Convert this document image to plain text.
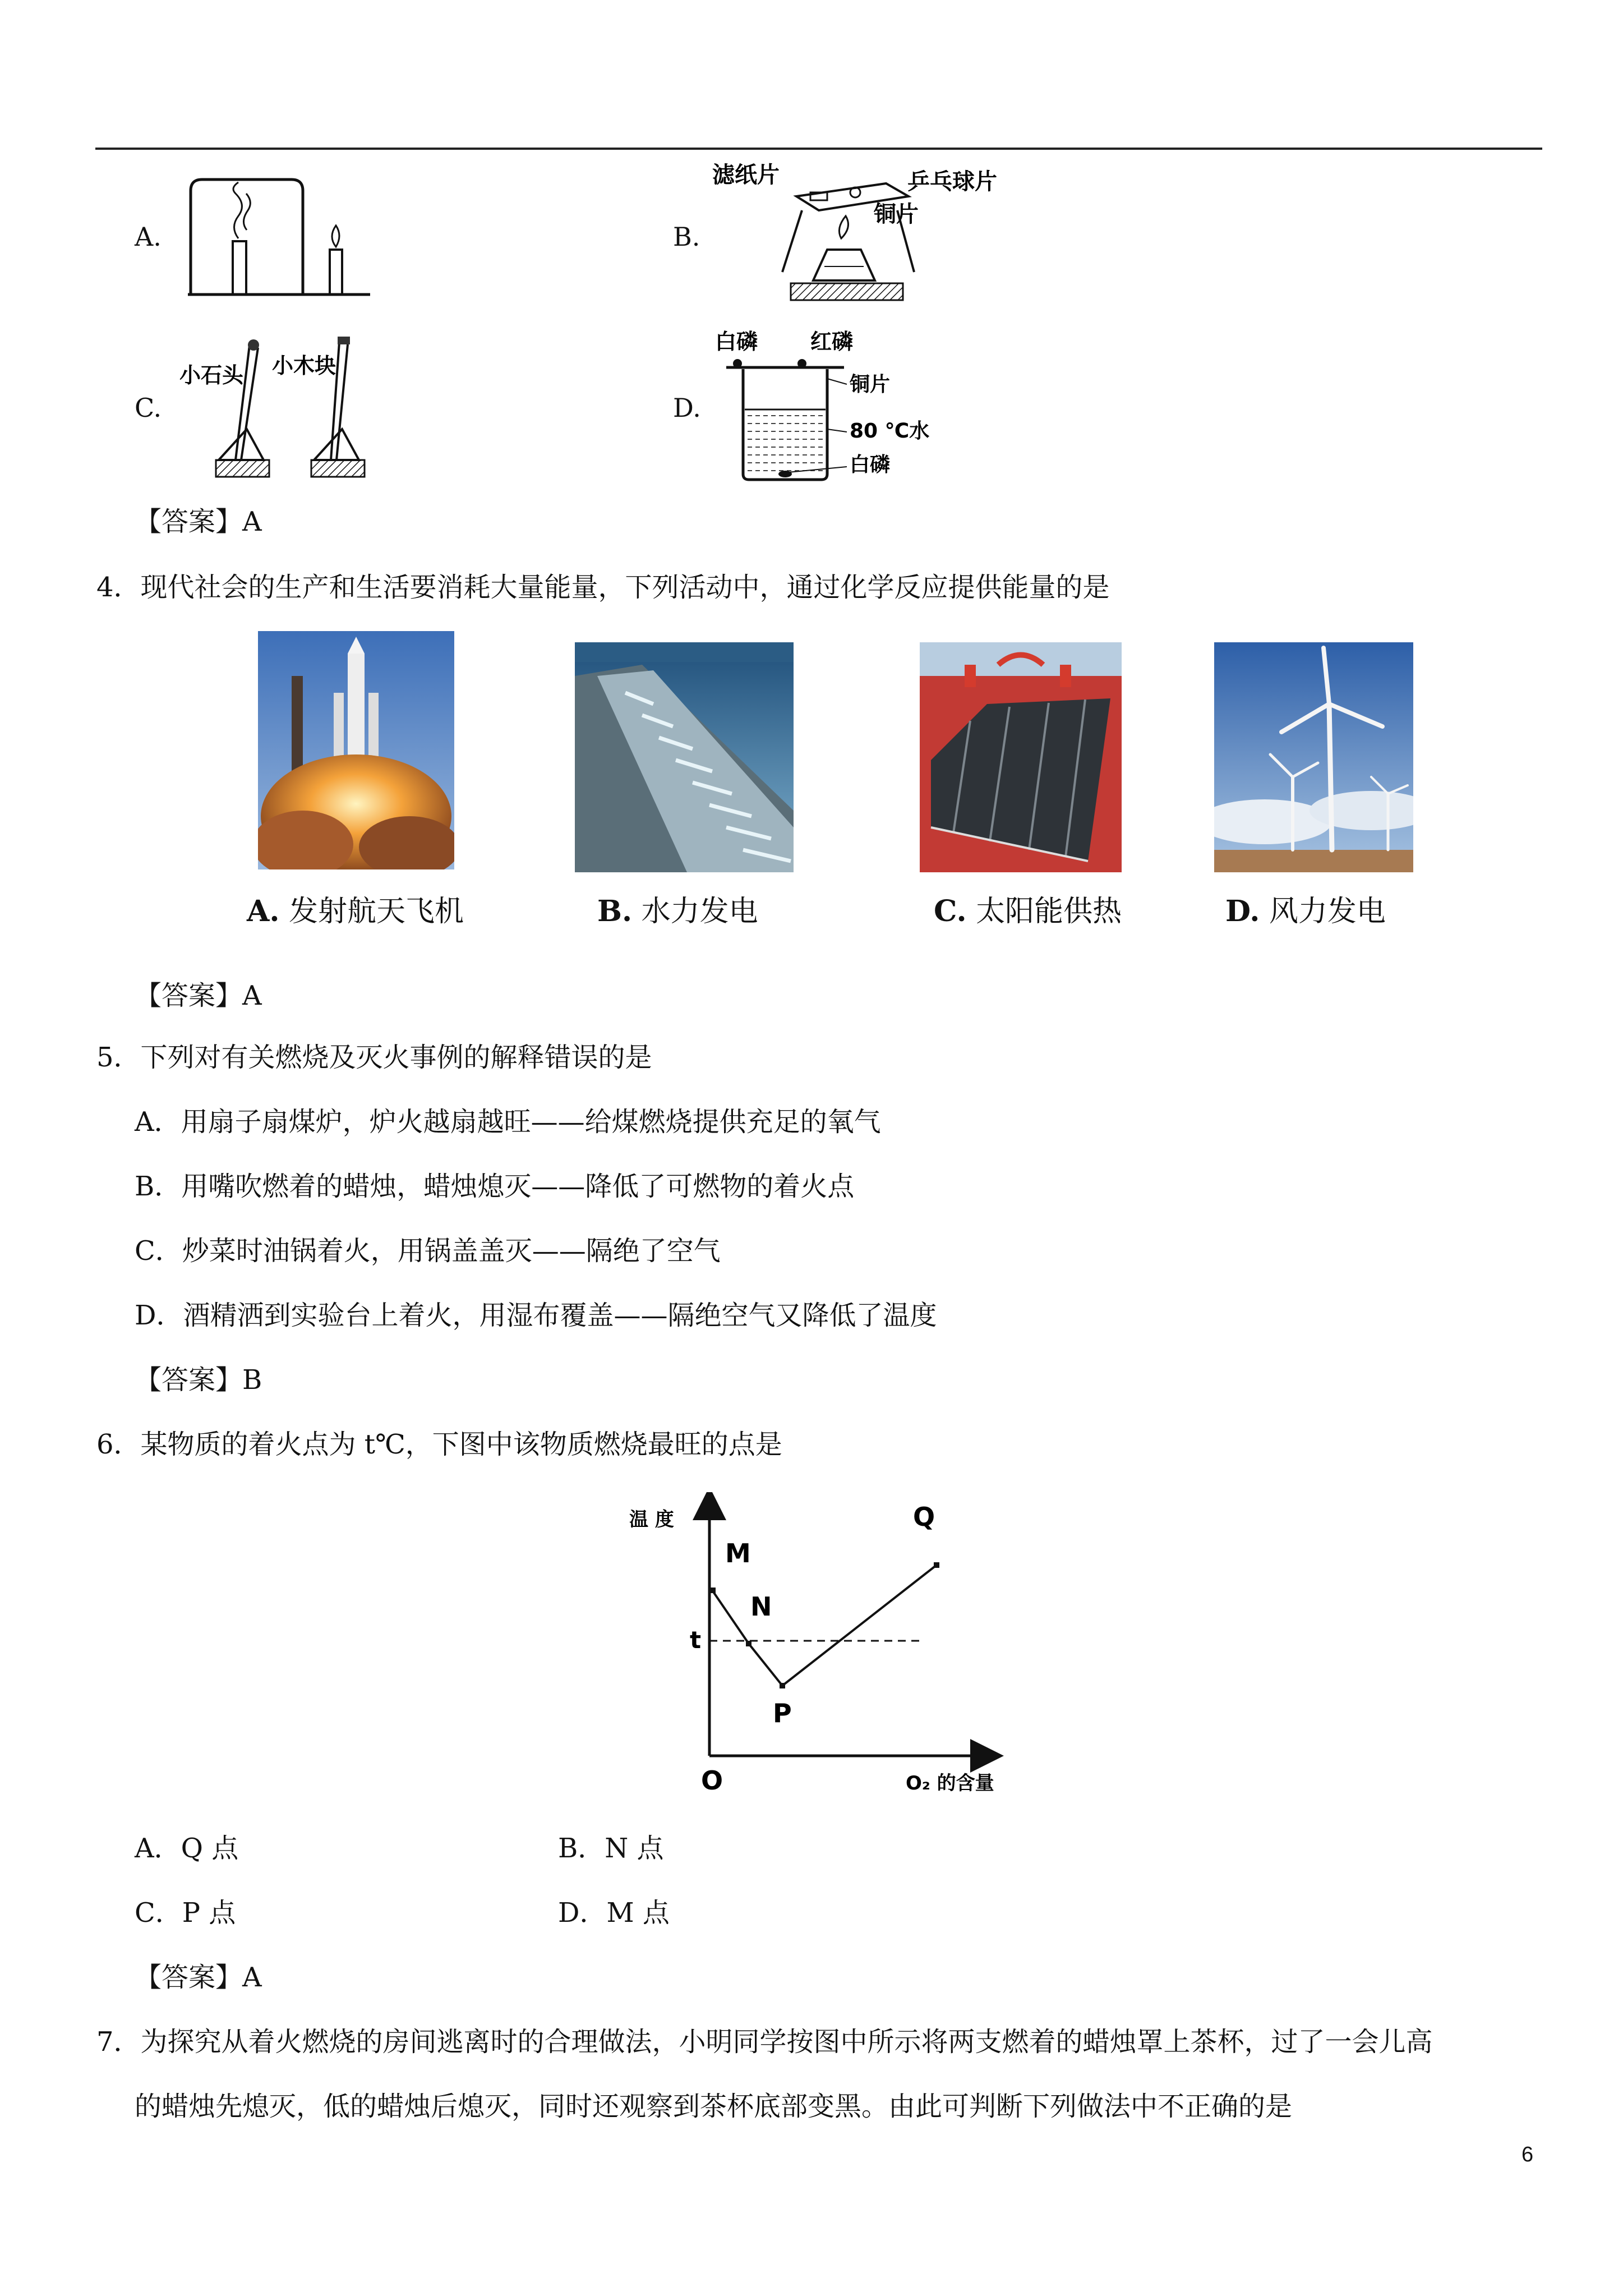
A.	B.
C.	D.
滤纸片	乒乓球片
铜片
小石头 小木块
白磷 红磷
铜片
80 ℃水
白磷
【答案】A
4．现代社会的生产和生活要消耗大量能量，下列活动中，通过化学反应提供能量的是
A. 发射航天飞机	B. 水力发电	C. 太阳能供热	D. 风力发电
【答案】A
5．下列对有关燃烧及灭火事例的解释错误的是
A．用扇子扇煤炉，炉火越扇越旺——给煤燃烧提供充足的氧气
B．用嘴吹燃着的蜡烛，蜡烛熄灭——降低了可燃物的着火点
C．炒菜时油锅着火，用锅盖盖灭——隔绝了空气
D．酒精洒到实验台上着火，用湿布覆盖——隔绝空气又降低了温度
【答案】B
6．某物质的着火点为 t℃，下图中该物质燃烧最旺的点是
温 度
O₂ 的含量
O
t
M
N
P
Q
A．Q 点	B．N 点
C．P 点	D．M 点
【答案】A
7．为探究从着火燃烧的房间逃离时的合理做法，小明同学按图中所示将两支燃着的蜡烛罩上茶杯，过了一会儿高
的蜡烛先熄灭，低的蜡烛后熄灭，同时还观察到茶杯底部变黑。由此可判断下列做法中不正确的是
6
